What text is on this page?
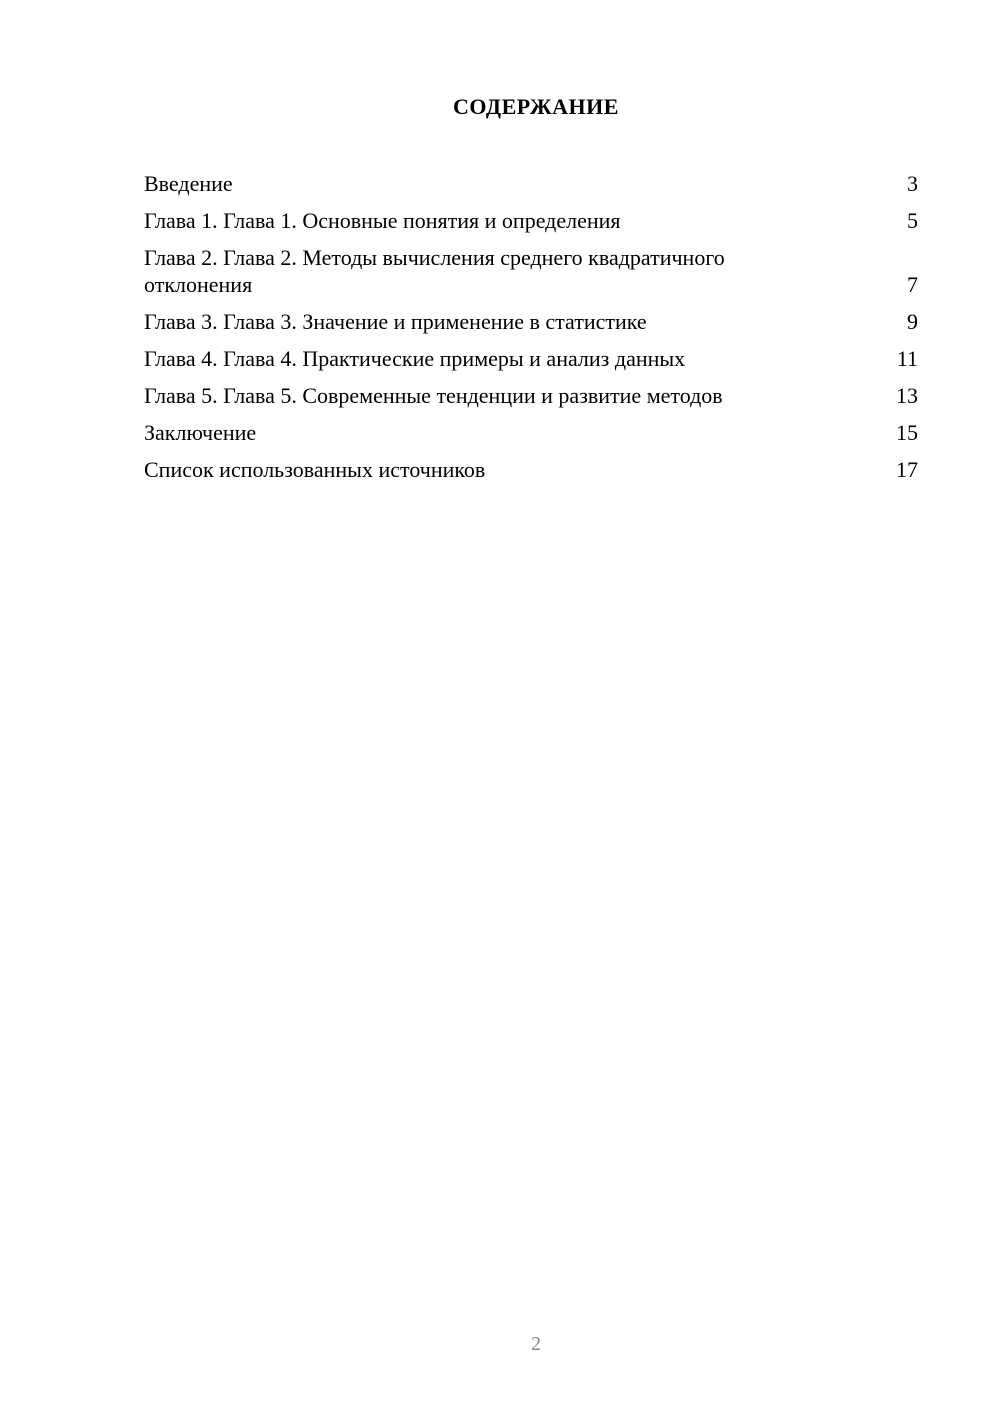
СОДЕРЖАНИЕ
Введение	3
Глава 1. Глава 1. Основные понятия и определения	5
Глава 2. Глава 2. Методы вычисления среднего квадратичного отклонения	7
Глава 3. Глава 3. Значение и применение в статистике	9
Глава 4. Глава 4. Практические примеры и анализ данных	11
Глава 5. Глава 5. Современные тенденции и развитие методов	13
Заключение	15
Список использованных источников	17
2
